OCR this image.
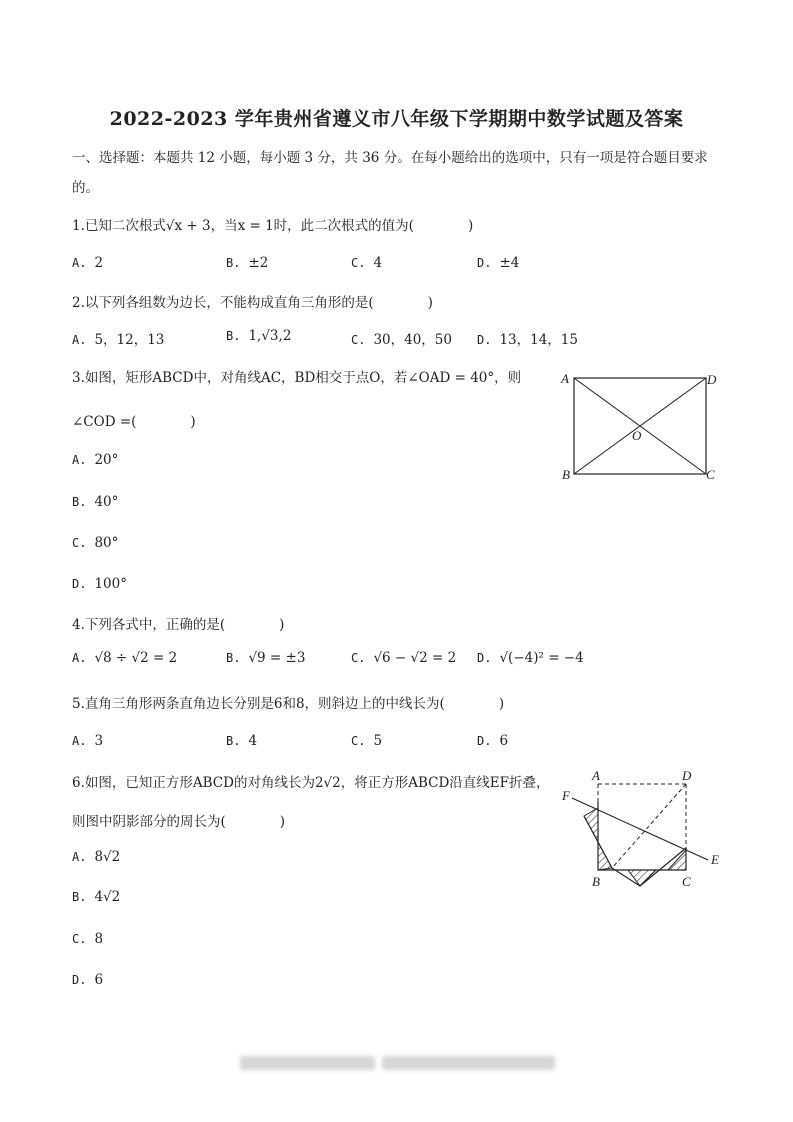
2022-2023 学年贵州省遵义市八年级下学期期中数学试题及答案
一、选择题：本题共 12 小题，每小题 3 分，共 36 分。在每小题给出的选项中，只有一项是符合题目要求
的。
1.已知二次根式√x + 3，当x = 1时，此二次根式的值为(　　　　)
A. 2	B. ±2	C. 4	D. ±4
2.以下列各组数为边长，不能构成直角三角形的是(　　　　)
A. 5，12，13	B. 1,√3,2	C. 30，40，50 D. 13，14，15
3.如图，矩形ABCD中，对角线AC，BD相交于点O，若∠OAD = 40°，则
∠COD =(　　　　)
A. 20°
B. 40°
C. 80°
D. 100°
A	D
O
B	C
4.下列各式中，正确的是(　　　　)
A. √8 ÷ √2 = 2	B. √9 = ±3	C. √6 − √2 = 2 D. √(−4)² = −4
5.直角三角形两条直角边长分别是6和8，则斜边上的中线长为(　　　　)
A. 3	B. 4	C. 5	D. 6
6.如图，已知正方形ABCD的对角线长为2√2，将正方形ABCD沿直线EF折叠，
则图中阴影部分的周长为(　　　　)
A. 8√2
B. 4√2
C. 8
D. 6
A	D
F
E
B	C
